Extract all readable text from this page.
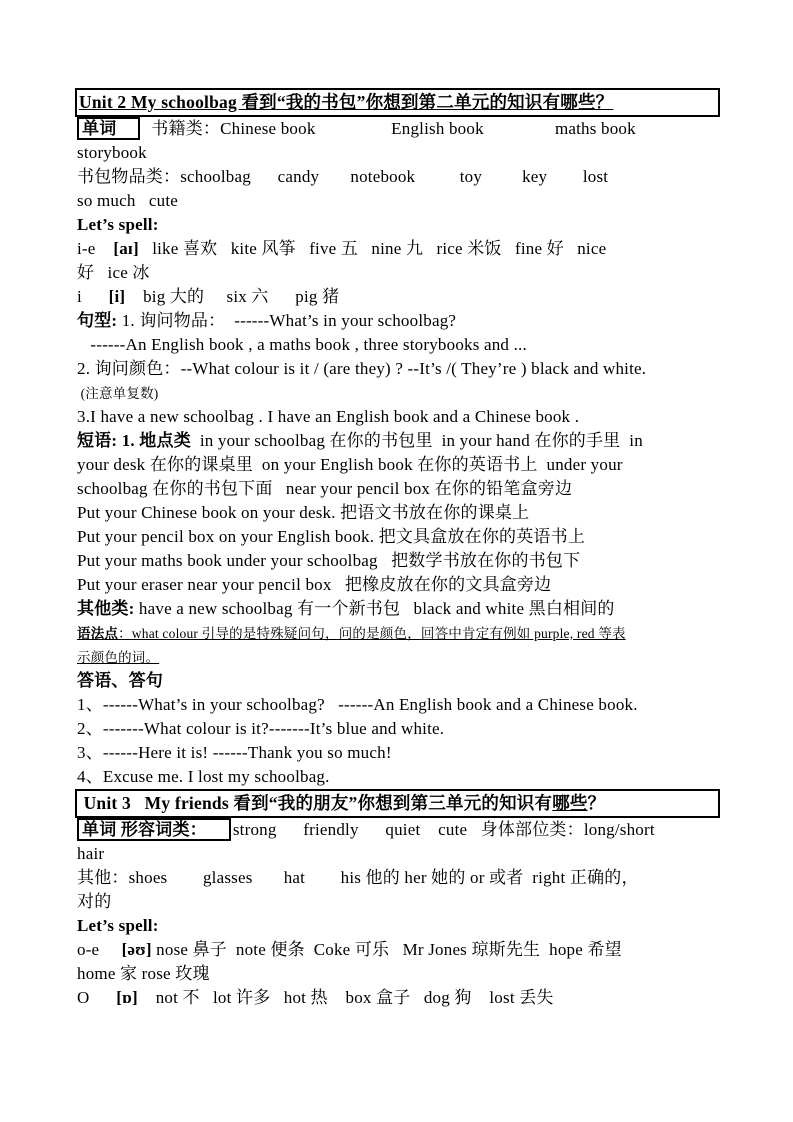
Unit 2 My schoolbag 看到“我的书包”你想到第二单元的知识有哪些？
单词  书籍类：Chinese book                 English book                maths book
storybook
书包物品类：schoolbag      candy       notebook          toy         key        lost
so much   cute
Let’s spell:
i-e    [aɪ]   like 喜欢   kite 风筝   five 五   nine 九   rice 米饭   fine 好   nice
好   ice 冰
i      [i]    big 大的     six 六      pig 猪
句型: 1. 询问物品：  ------What’s in your schoolbag?
------An English book , a maths book , three storybooks and ...
2. 询问颜色：--What colour is it / (are they) ? --It’s /( They’re ) black and white.
(注意单复数)
3.I have a new schoolbag . I have an English book and a Chinese book .
短语: 1. 地点类  in your schoolbag 在你的书包里  in your hand 在你的手里  in
your desk 在你的课桌里  on your English book 在你的英语书上  under your
schoolbag 在你的书包下面   near your pencil box 在你的铅笔盒旁边
Put your Chinese book on your desk. 把语文书放在你的课桌上
Put your pencil box on your English book. 把文具盒放在你的英语书上
Put your maths book under your schoolbag   把数学书放在你的书包下
Put your eraser near your pencil box   把橡皮放在你的文具盒旁边
其他类: have a new schoolbag 有一个新书包   black and white 黑白相间的
语法点：what colour 引导的是特殊疑问句，问的是颜色，回答中肯定有例如 purple, red 等表
示颜色的词。
答语、答句
1、------What’s in your schoolbag?   ------An English book and a Chinese book.
2、-------What colour is it?-------It’s blue and white.
3、------Here it is! ------Thank you so much!
4、Excuse me. I lost my schoolbag.
Unit 3   My friends 看到“我的朋友”你想到第三单元的知识有哪些？
单词 形容词类： strong      friendly      quiet    cute   身体部位类：long/short
hair
其他：shoes        glasses       hat        his 他的 her 她的 or 或者  right 正确的，
对的
Let’s spell:
o-e     [əʊ] nose 鼻子  note 便条  Coke 可乐   Mr Jones 琼斯先生  hope 希望
home 家 rose 玫瑰
O      [ɒ]    not 不   lot 许多   hot 热    box 盒子   dog 狗    lost 丢失
